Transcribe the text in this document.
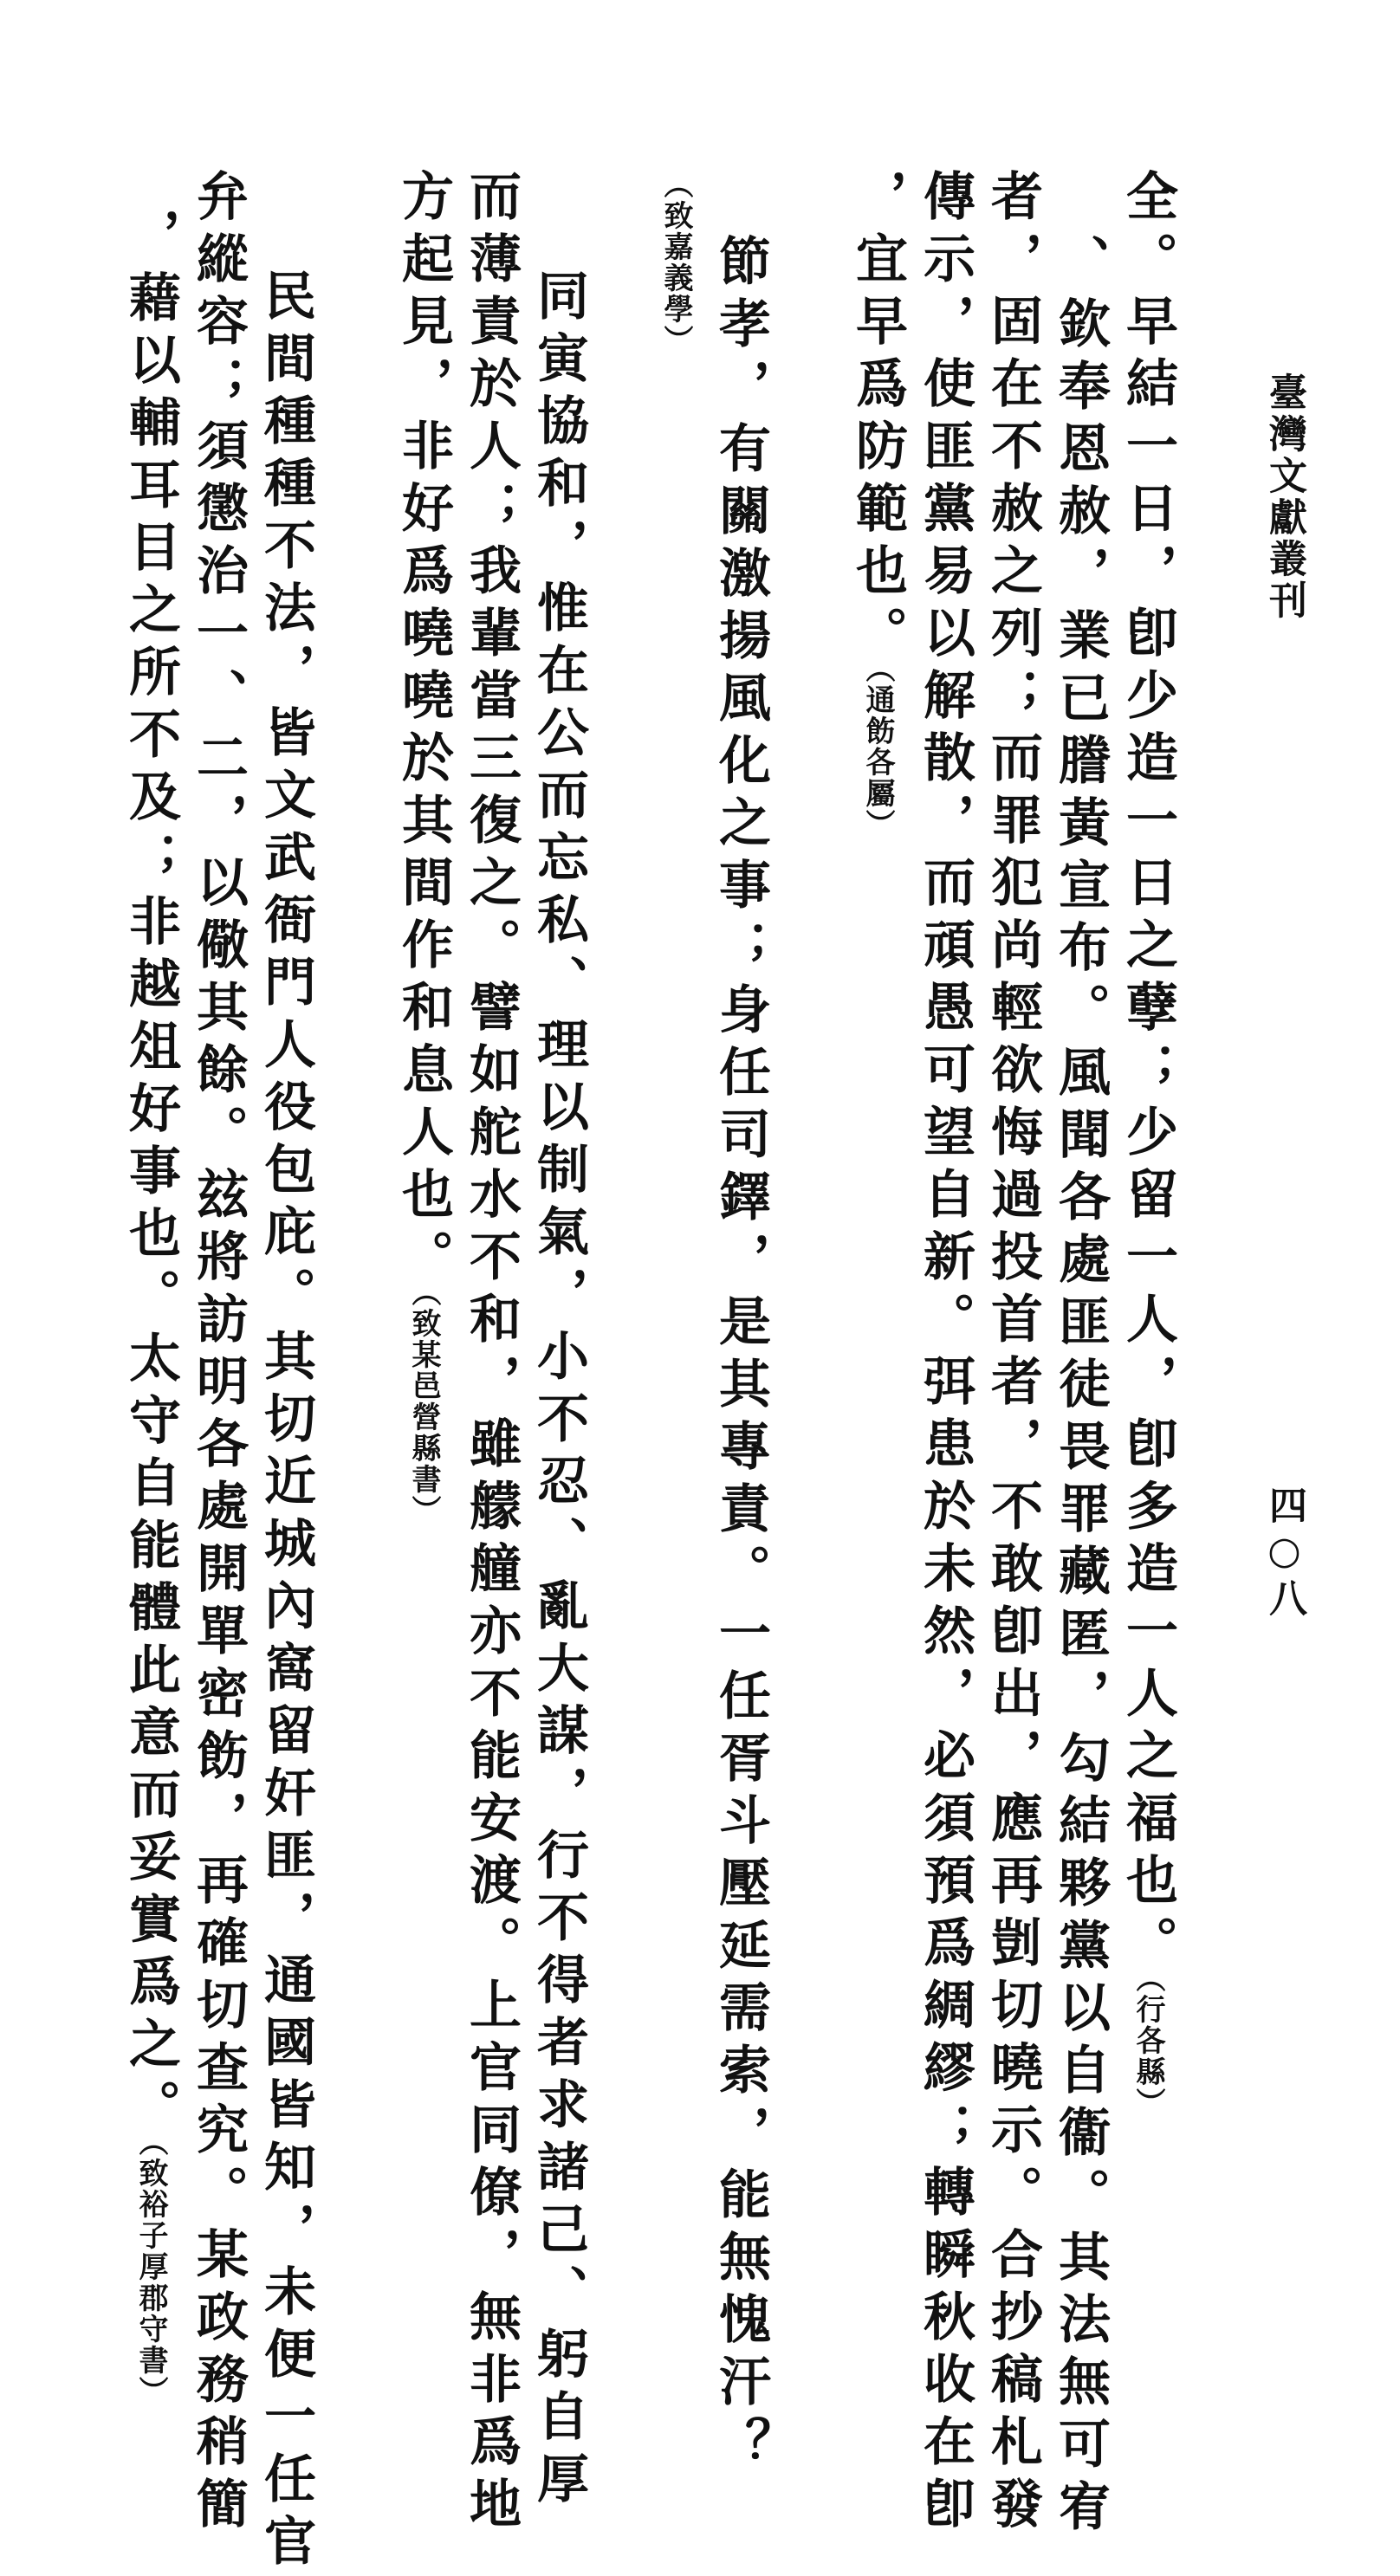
臺灣文獻叢刊
四○八
全。早結一日，卽少造一日之孽；少留一人，卽多造一人之福也。（行各縣）
、欽奉恩赦，業已謄黃宣布。風聞各處匪徒畏罪藏匿，勾結夥黨以自衞。其法無可宥
者，固在不赦之列；而罪犯尚輕欲悔過投首者，不敢卽出，應再剴切曉示。合抄稿札發
傳示，使匪黨易以解散，而頑愚可望自新。弭患於未然，必須預爲綢繆；轉瞬秋收在卽
，宜早爲防範也。（通飭各屬）
節孝，有關激揚風化之事；身任司鐸，是其專責。一任胥斗壓延需索，能無愧汗？
（致嘉義學）
同寅協和，惟在公而忘私、理以制氣，小不忍、亂大謀，行不得者求諸己、躬自厚
而薄責於人；我輩當三復之。譬如舵水不和，雖艨艟亦不能安渡。上官同僚，無非爲地
方起見，非好爲嘵嘵於其間作和息人也。（致某邑營縣書）
民間種種不法，皆文武衙門人役包庇。其切近城內窩留奸匪，通國皆知，未便一任官
弁縱容；須懲治一、二，以儆其餘。玆將訪明各處開單密飭，再確切查究。某政務稍簡
，藉以輔耳目之所不及；非越俎好事也。太守自能體此意而妥實爲之。（致裕子厚郡守書）
